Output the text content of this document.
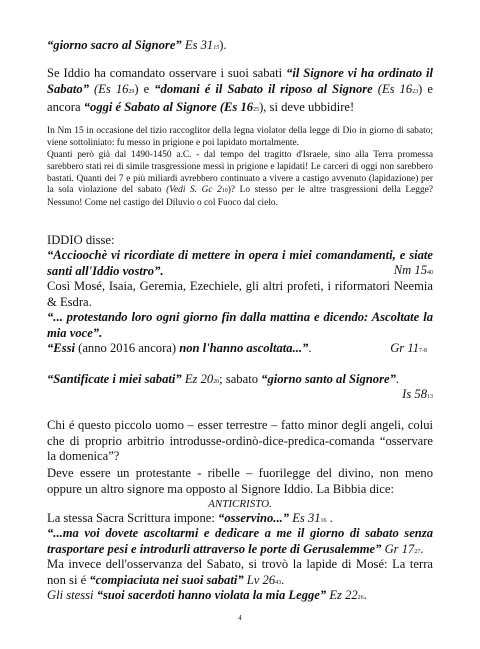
“giorno sacro al Signore” Es 3115).

Se Iddio ha comandato osservare i suoi sabati “il Signore vi ha ordinato il Sabato” (Es 1629) e “domani é il Sabato il riposo al Signore (Es 1623) e ancora “oggi é Sabato al Signore (Es 1625), si deve ubbidire!

In Nm 15 in occasione del tizio raccoglitor della legna violator della legge di Dio in giorno di sabato; viene sottoliniato: fu messo in prigione e poi lapidato mortalmente.

Quanti però già dal 1490-1450 a.C. - dal tempo del tragitto d'Israele, sino alla Terra promessa sarebbero stati rei di simile trasgressione messi in prigione e lapidati! Le carceri di oggi non sarebbero bastati. Quanti dei 7 e più miliardi avrebbero continuato a vivere a castigo avvenuto (lapidazione) per la sola violazione del sabato (Vedi S. Gc 210)? Lo stesso per le altre trasgressioni della Legge? Nessuno! Come nel castigo del Diluvio o col Fuoco dal cielo.

IDDIO disse:

“Accioochè vi ricordiate di mettere in opera i miei comandamenti, e siate santi all'Iddio vostro”.	Nm 1540

Così Mosé, Isaia, Geremia, Ezechiele, gli altri profeti, i riformatori Neemia & Esdra.

“... protestando loro ogni giorno fin dalla mattina e dicendo: Ascoltate la mia voce”.

“Essi (anno 2016 ancora) non l'hanno ascoltata...”.	Gr 117-8

“Santificate i miei sabati” Ez 2020; sabato “giorno santo al Signore”.

Is 5813

Chi é questo piccolo uomo – esser terrestre – fatto minor degli angeli, colui che di proprio arbitrio introdusse-ordinò-dice-predica-comanda “osservare la domenica”?

Deve essere un protestante - ribelle – fuorilegge del divino, non meno oppure un altro signore ma opposto al Signore Iddio. La Bibbia dice:

ANTICRISTO.

La stessa Sacra Scrittura impone: “osservino...” Es 3116 .

“...ma voi dovete ascoltarmi e dedicare a me il giorno di sabato senza trasportare pesi e introdurli attraverso le porte di Gerusalemme” Gr 1727.

Ma invece dell'osservanza del Sabato, si trovò la lapide di Mosé: La terra non si é “compiaciuta nei suoi sabati” Lv 2643.

Gli stessi “suoi sacerdoti hanno violata la mia Legge” Ez 2226.

4
